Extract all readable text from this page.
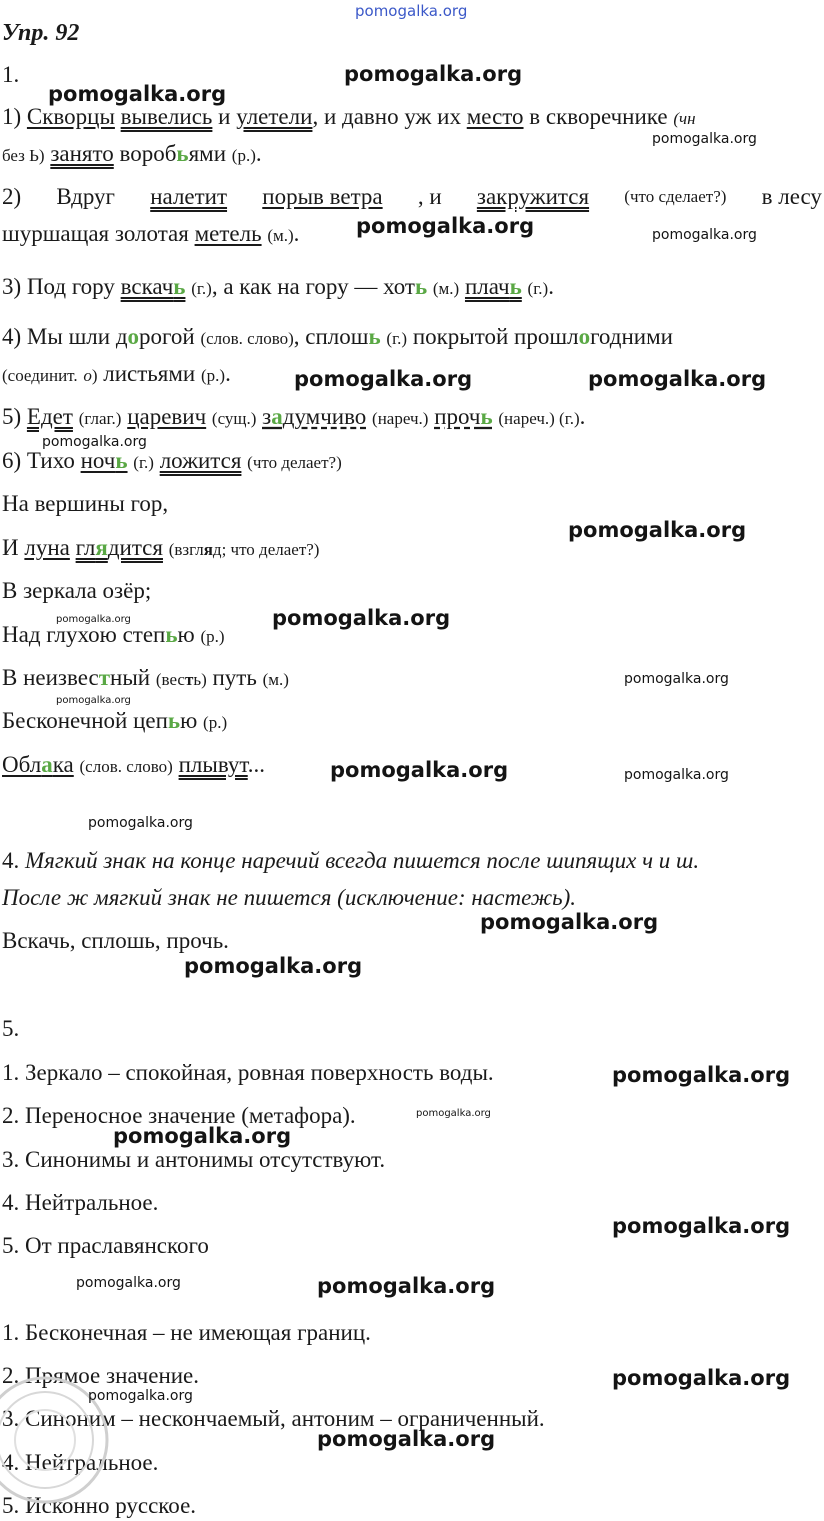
pomogalka.org
Упр. 92
1.
1) Скворцы вывелись и улетели, и давно уж их место в скворечнике (чн
без Ь) занято воробьями (р.).
2) Вдруг налетит порыв ветра , и закружится (что сделает?) в лесу
шуршащая золотая метель (м.).
3) Под гору вскачь (г.), а как на гору — хоть (м.) плачь (г.).
4) Мы шли дорогой (слов. слово), сплошь (г.) покрытой прошлогодними
(соединит. о) листьями (р.).
5) Едет (глаг.) царевич (сущ.) задумчиво (нареч.) прочь (нареч.) (г.).
6) Тихо ночь (г.) ложится (что делает?)
На вершины гор,
И луна глядится (взгляд; что делает?)
В зеркала озёр;
Над глухою степью (р.)
В неизвестный (весть) путь (м.)
Бесконечной цепью (р.)
Облака (слов. слово) плывут...
4. Мягкий знак на конце наречий всегда пишется после шипящих ч и ш.
После ж мягкий знак не пишется (исключение: настежь).
Вскачь, сплошь, прочь.
5.
1. Зеркало – спокойная, ровная поверхность воды.
2. Переносное значение (метафора).
3. Синонимы и антонимы отсутствуют.
4. Нейтральное.
5. От праславянского
1. Бесконечная – не имеющая границ.
2. Прямое значение.
3. Синоним – нескончаемый, антоним – ограниченный.
4. Нейтральное.
5. Исконно русское.
pomogalka.org
pomogalka.org
pomogalka.org
pomogalka.org	pomogalka.org
pomogalka.org	pomogalka.org
pomogalka.org
pomogalka.org
pomogalka.org
pomogalka.org
pomogalka.org
pomogalka.org
pomogalka.org	pomogalka.org
pomogalka.org
pomogalka.org
pomogalka.org
pomogalka.org
pomogalka.org
pomogalka.org
pomogalka.org
pomogalka.org	pomogalka.org
pomogalka.org
pomogalka.org
pomogalka.org
